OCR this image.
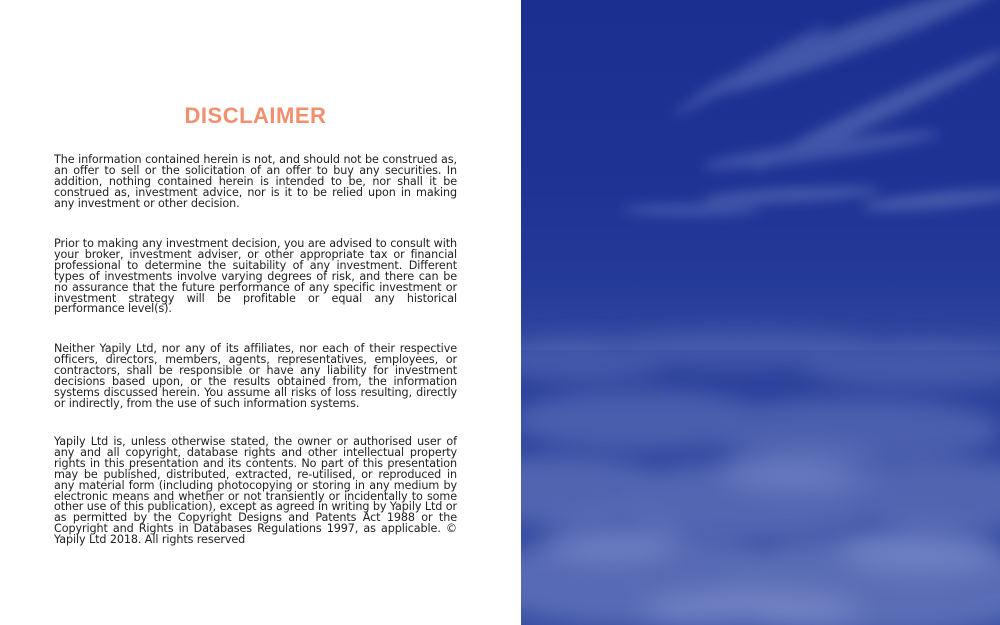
DISCLAIMER

The information contained herein is not, and should not be construed as, an offer to sell or the solicitation of an offer to buy any securities. In addition, nothing contained herein is intended to be, nor shall it be construed as, investment advice, nor is it to be relied upon in making any investment or other decision.

Prior to making any investment decision, you are advised to consult with your broker, investment adviser, or other appropriate tax or financial professional to determine the suitability of any investment. Different types of investments involve varying degrees of risk, and there can be no assurance that the future performance of any specific investment or investment strategy will be profitable or equal any historical performance level(s).

Neither Yapily Ltd, nor any of its affiliates, nor each of their respective officers, directors, members, agents, representatives, employees, or contractors, shall be responsible or have any liability for investment decisions based upon, or the results obtained from, the information systems discussed herein. You assume all risks of loss resulting, directly or indirectly, from the use of such information systems.

Yapily Ltd is, unless otherwise stated, the owner or authorised user of any and all copyright, database rights and other intellectual property rights in this presentation and its contents. No part of this presentation may be published, distributed, extracted, re-utilised, or reproduced in any material form (including photocopying or storing in any medium by electronic means and whether or not transiently or incidentally to some other use of this publication), except as agreed in writing by Yapily Ltd or as permitted by the Copyright Designs and Patents Act 1988 or the Copyright and Rights in Databases Regulations 1997, as applicable. © Yapily Ltd 2018. All rights reserved
